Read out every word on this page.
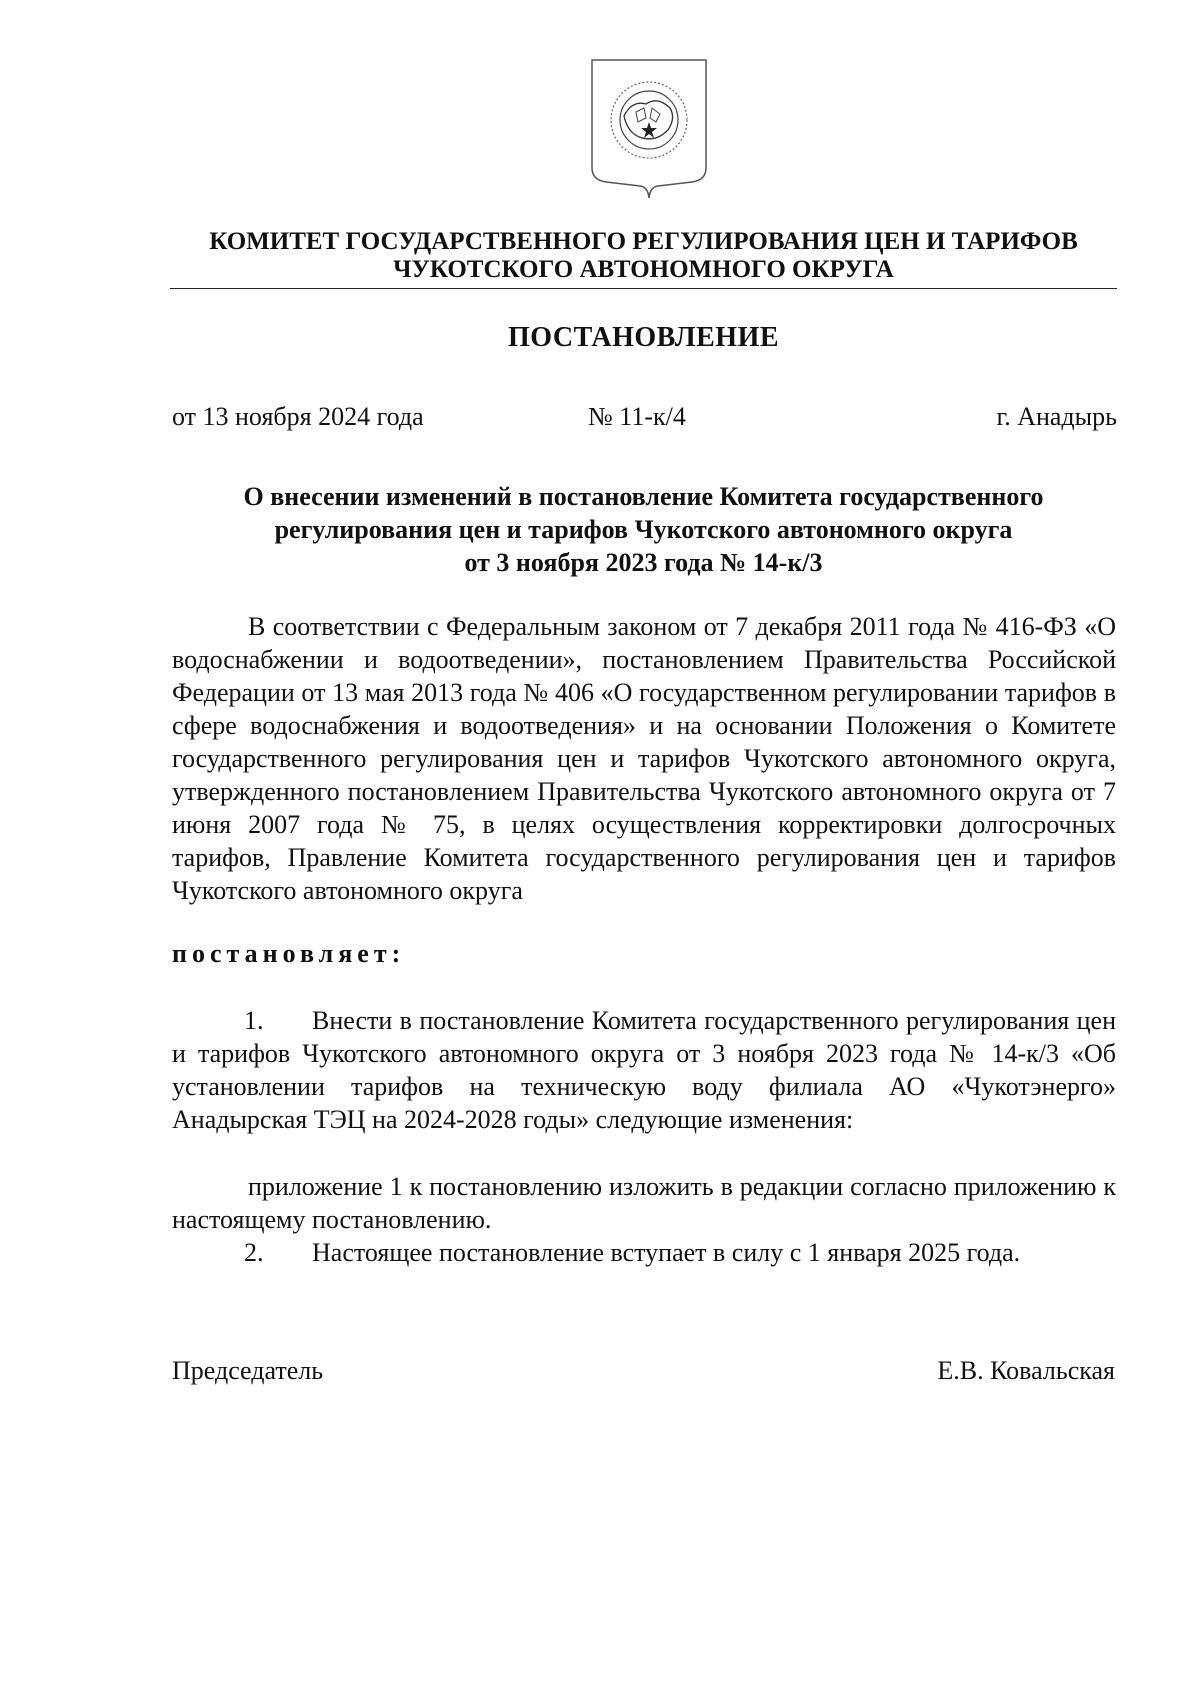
КОМИТЕТ ГОСУДАРСТВЕННОГО РЕГУЛИРОВАНИЯ ЦЕН И ТАРИФОВ
ЧУКОТСКОГО АВТОНОМНОГО ОКРУГА
ПОСТАНОВЛЕНИЕ
от 13 ноября 2024 года	№ 11-к/4	г. Анадырь
О внесении изменений в постановление Комитета государственного
регулирования цен и тарифов Чукотского автономного округа
от 3 ноября 2023 года № 14-к/3
В соответствии с Федеральным законом от 7 декабря 2011 года № 416-ФЗ «О водоснабжении и водоотведении», постановлением Правительства Российской Федерации от 13 мая 2013 года № 406 «О государственном регулировании тарифов в сфере водоснабжения и водоотведения» и на основании Положения о Комитете государственного регулирования цен и тарифов Чукотского автономного округа, утвержденного постановлением Правительства Чукотского автономного округа от 7 июня 2007 года № 75, в целях осуществления корректировки долгосрочных тарифов, Правление Комитета государственного регулирования цен и тарифов Чукотского автономного округа
постановляет:
1. Внести в постановление Комитета государственного регулирования цен и тарифов Чукотского автономного округа от 3 ноября 2023 года № 14-к/3 «Об установлении тарифов на техническую воду филиала АО «Чукотэнерго» Анадырская ТЭЦ на 2024-2028 годы» следующие изменения:
приложение 1 к постановлению изложить в редакции согласно приложению к настоящему постановлению.
2. Настоящее постановление вступает в силу с 1 января 2025 года.
Председатель	Е.В. Ковальская
